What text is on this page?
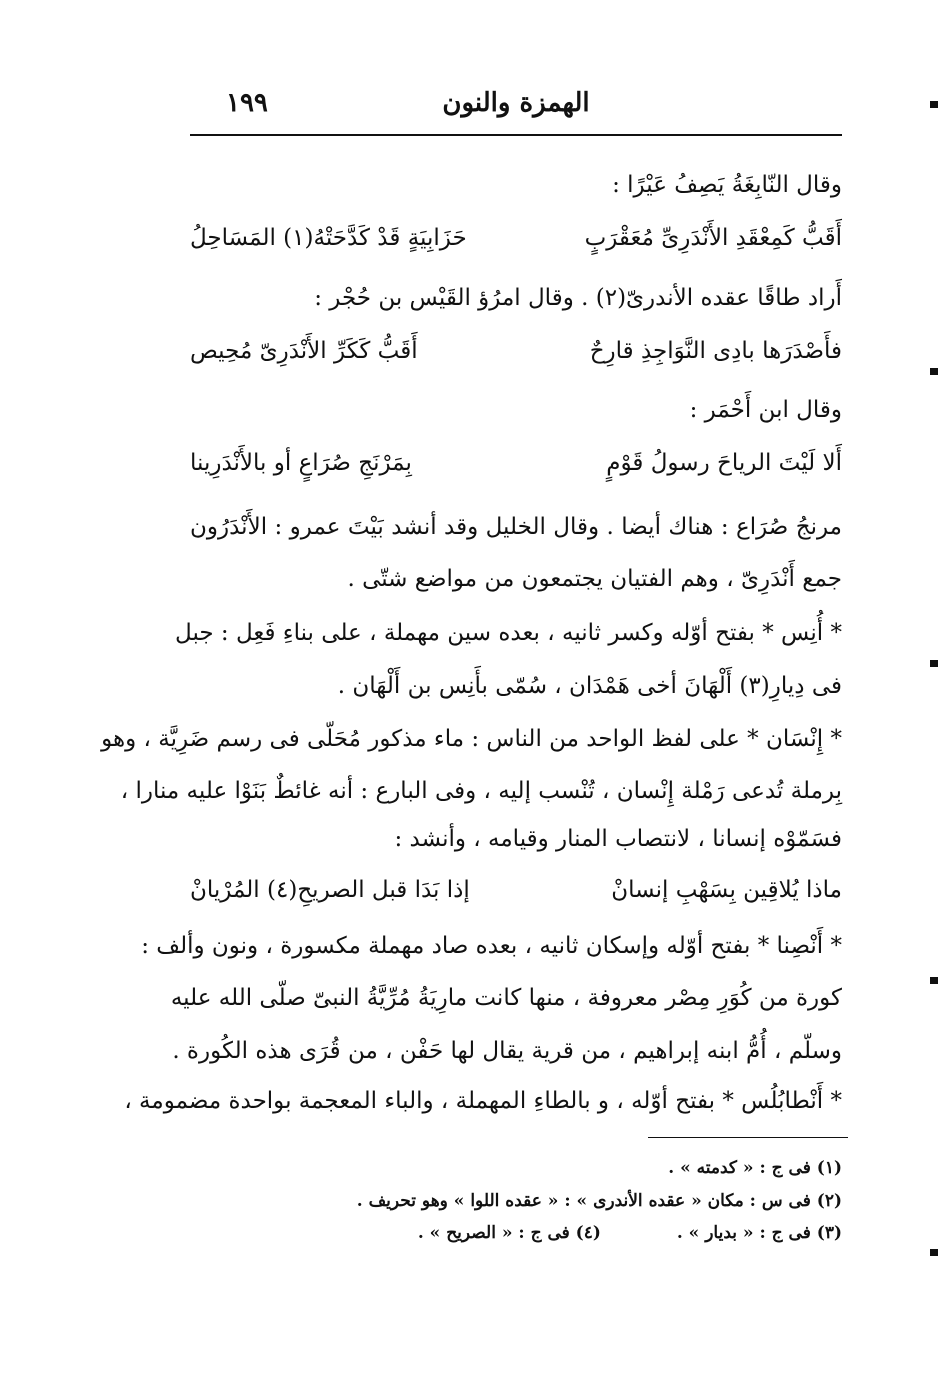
١٩٩	الهمزة والنون
وقال النّابِغَةُ يَصِفُ عَيْرًا :
أَقَبُّ كَمِعْقَدِ الأَنْدَرِىِّ مُعَقْرَبٍ
حَزَابِيَةٍ قَدْ كَدَّحَتْهُ(١) المَسَاحِلُ
أَراد طاقًا عقده الأندرىّ(٢) . وقال امرُؤ القَيْس بن حُجْر :
فأَصْدَرَها بادِى النَّوَاجِذِ قارِحٌ
أَقَبُّ كَكَرِّ الأَنْدَرِىّ مُحِيص
وقال ابن أَحْمَر :
أَلا لَيْتَ الرياحَ رسولُ قَوْمٍ
بِمَرْنَجِ صُرَاعٍ أو بالأَنْدَرِينا
مرنجُ صُرَاع : هناك أيضا . وقال الخليل وقد أنشد بَيْتَ عمرو : الأَنْدَرُون
جمع أَنْدَرِىّ ، وهم الفتيان يجتمعون من مواضع شتّى .
* أُنِس * بفتح أوّله وكسر ثانيه ، بعده سين مهملة ، على بناءِ فَعِل : جبل
فى دِيارِ(٣) أَلْهَانَ أخى هَمْدَان ، سُمّى بأَنِس بن أَلْهَان .
* إِنْسَان * على لفظ الواحد من الناس : ماء مذكور مُحَلّى فى رسم ضَرِيَّة ، وهو
بِرملة تُدعى رَمْلة إِنْسان ، تُنْسب إليه ، وفى البارع : أنه غائطٌ بَنَوْا عليه منارا ،
فسَمّوْه إنسانا ، لانتصاب المنار وقيامه ، وأنشد :
ماذا يُلاقِين بِسَهْبِ إنسانْ
إذا بَدَا قبل الصريحِ(٤) المُرْيانْ
* أَنْصِنا * بفتح أوّله وإسكان ثانيه ، بعده صاد مهملة مكسورة ، ونون وألف :
كورة من كُوَرِ مِصْر معروفة ، منها كانت مارِيَةُ مُرِّيَّةُ النبىّ صلّى الله عليه
وسلّم ، أُمُّ ابنه إبراهيم ، من قرية يقال لها حَفْن ، من قُرَى هذه الكُورة .
* أَنْطابُلُس * بفتح أوّله ، و بالطاءِ المهملة ، والباء المعجمة بواحدة مضمومة ،
(١) فى ج : « كدمته » .
(٢) فى س : مكان « عقده الأندرى » : « عقده اللوا » وهو تحريف .
(٣) فى ج : « بديار » . (٤) فى ج : « الصريح » .
